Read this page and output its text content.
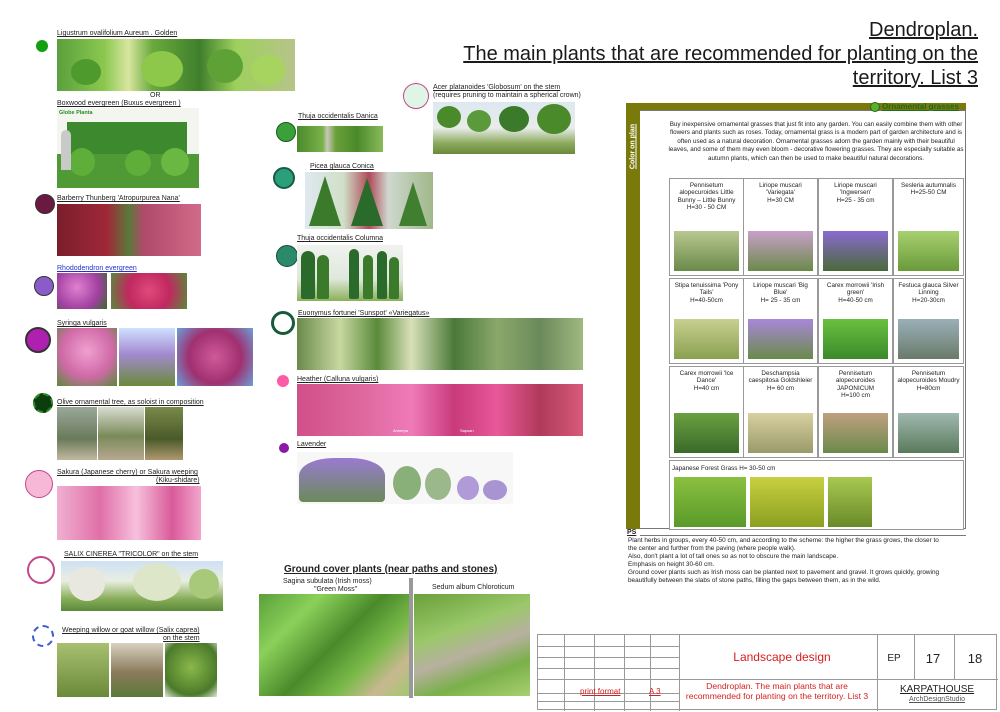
Dendroplan.
The main plants that are recommended for planting on the
territory. List 3
Ligustrum ovalifolium Aureum . Golden
OR
Boxwood evergreen (Buxus evergreen )
Globe Planta
Barberry Thunberg 'Atropurpurea Nana'
Rhododendron evergreen
Syringa vulgaris
Olive ornamental tree, as soloist in composition
Sakura (Japanese cherry) or Sakura weeping
(Kiku-shidare)
SALIX CINEREA "TRICOLOR" on the stem
Weeping willow or goat willow (Salix caprea)
on the stem
Acer platanoides 'Globosum' on the stem
(requires pruning to maintain a spherical crown)
Thuja occidentalis Danica
Picea glauca Conica
Thuja occidentalis Columna
Euonymus fortunei 'Sunspot' «Variegatus»
Heather (Calluna vulgaris)
Annerpa	Sapsan
Lavender
Ground cover plants (near paths and stones)
Sagina subulata (Irish moss)
"Green Moss"	Sedum album Chloroticum
Color on plan
Ornamental grasses
Buy inexpensive ornamental grasses that just fit into any garden. You can easily combine them with other flowers and plants such as roses. Today, ornamental grass is a modern part of garden architecture and is often used as a natural decoration. Ornamental grasses adorn the garden mainly with their beautiful leaves, and some of them may even bloom - decorative flowering grasses. They are especially suitable as autumn plants, which can then be used to make beautiful natural decorations.
Pennisetum alopecuroides Little Bunny – Little Bunny
H=30 - 50 CM
Liriope muscari 'Variegata'
H=30 CM
Liriope muscari 'Ingwersen'
H=25 - 35 cm
Sesleria autumnalis
H=25-50 CM
Stipa tenuissima 'Pony Tails'
H=40-50cm
Liriope muscari 'Big Blue'
H= 25 - 35 cm
Carex morrowii 'Irish green'
H=40-50 cm
Festuca glauca Silver Linning
H=20-30cm
Carex morrowii 'Ice Dance'
H=40 cm
Deschampsia caespitosa Goldshleier
H= 60 cm
Pennisetum alopecuroides JAPONICUM
H=100 cm
Pennisetum alopecuroides Moudry
H=80cm
Japanese Forest Grass H= 30-50 cm
PS
Plant herbs in groups, every 40-50 cm, and according to the scheme: the higher the grass grows, the closer to the center and further from the paving (where people walk).
Also, don't plant a lot of tall ones so as not to obscure the main landscape.
Emphasis on height 30-60 cm.
Ground cover plants such as Irish moss can be planted next to pavement and gravel. It grows quickly, growing beautifully between the slabs of stone paths, filling the gaps between them, as in the wild.
Landscape design	EP	17	18
print format	A 3
Dendroplan. The main plants that are recommended for planting on the territory. List 3
KARPATHOUSE
ArchDesignStudio
